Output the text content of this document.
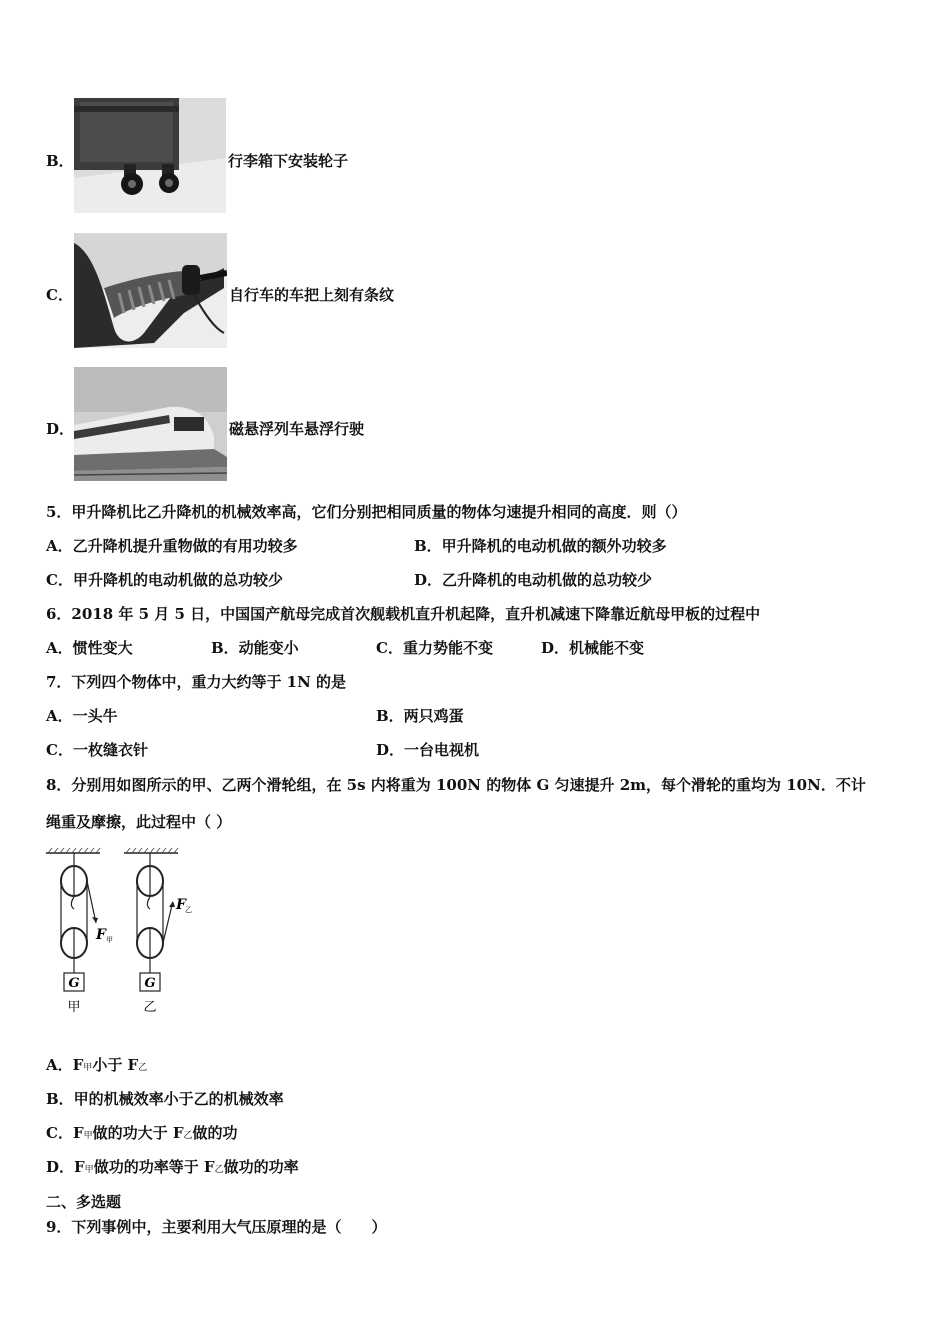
B．	行李箱下安装轮子
C．	自行车的车把上刻有条纹
D．	磁悬浮列车悬浮行驶
5．甲升降机比乙升降机的机械效率高，它们分别把相同质量的物体匀速提升相同的高度．则（）
A．乙升降机提升重物做的有用功较多	B．甲升降机的电动机做的额外功较多
C．甲升降机的电动机做的总功较少	D．乙升降机的电动机做的总功较少
6．2018 年 5 月 5 日，中国国产航母完成首次舰载机直升机起降，直升机减速下降靠近航母甲板的过程中
A．惯性变大	B．动能变小	C．重力势能不变	D．机械能不变
7．下列四个物体中，重力大约等于 1N 的是
A．一头牛	B．两只鸡蛋
C．一枚缝衣针	D．一台电视机
8．分别用如图所示的甲、乙两个滑轮组，在 5s 内将重为 100N 的物体 G 匀速提升 2m，每个滑轮的重均为 10N．不计
绳重及摩擦，此过程中（ ）
G
甲
F 甲
G
乙
F 乙
A．F甲小于 F乙
B．甲的机械效率小于乙的机械效率
C．F甲做的功大于 F乙做的功
D．F甲做功的功率等于 F乙做功的功率
二、多选题
9．下列事例中，主要利用大气压原理的是（　　）
